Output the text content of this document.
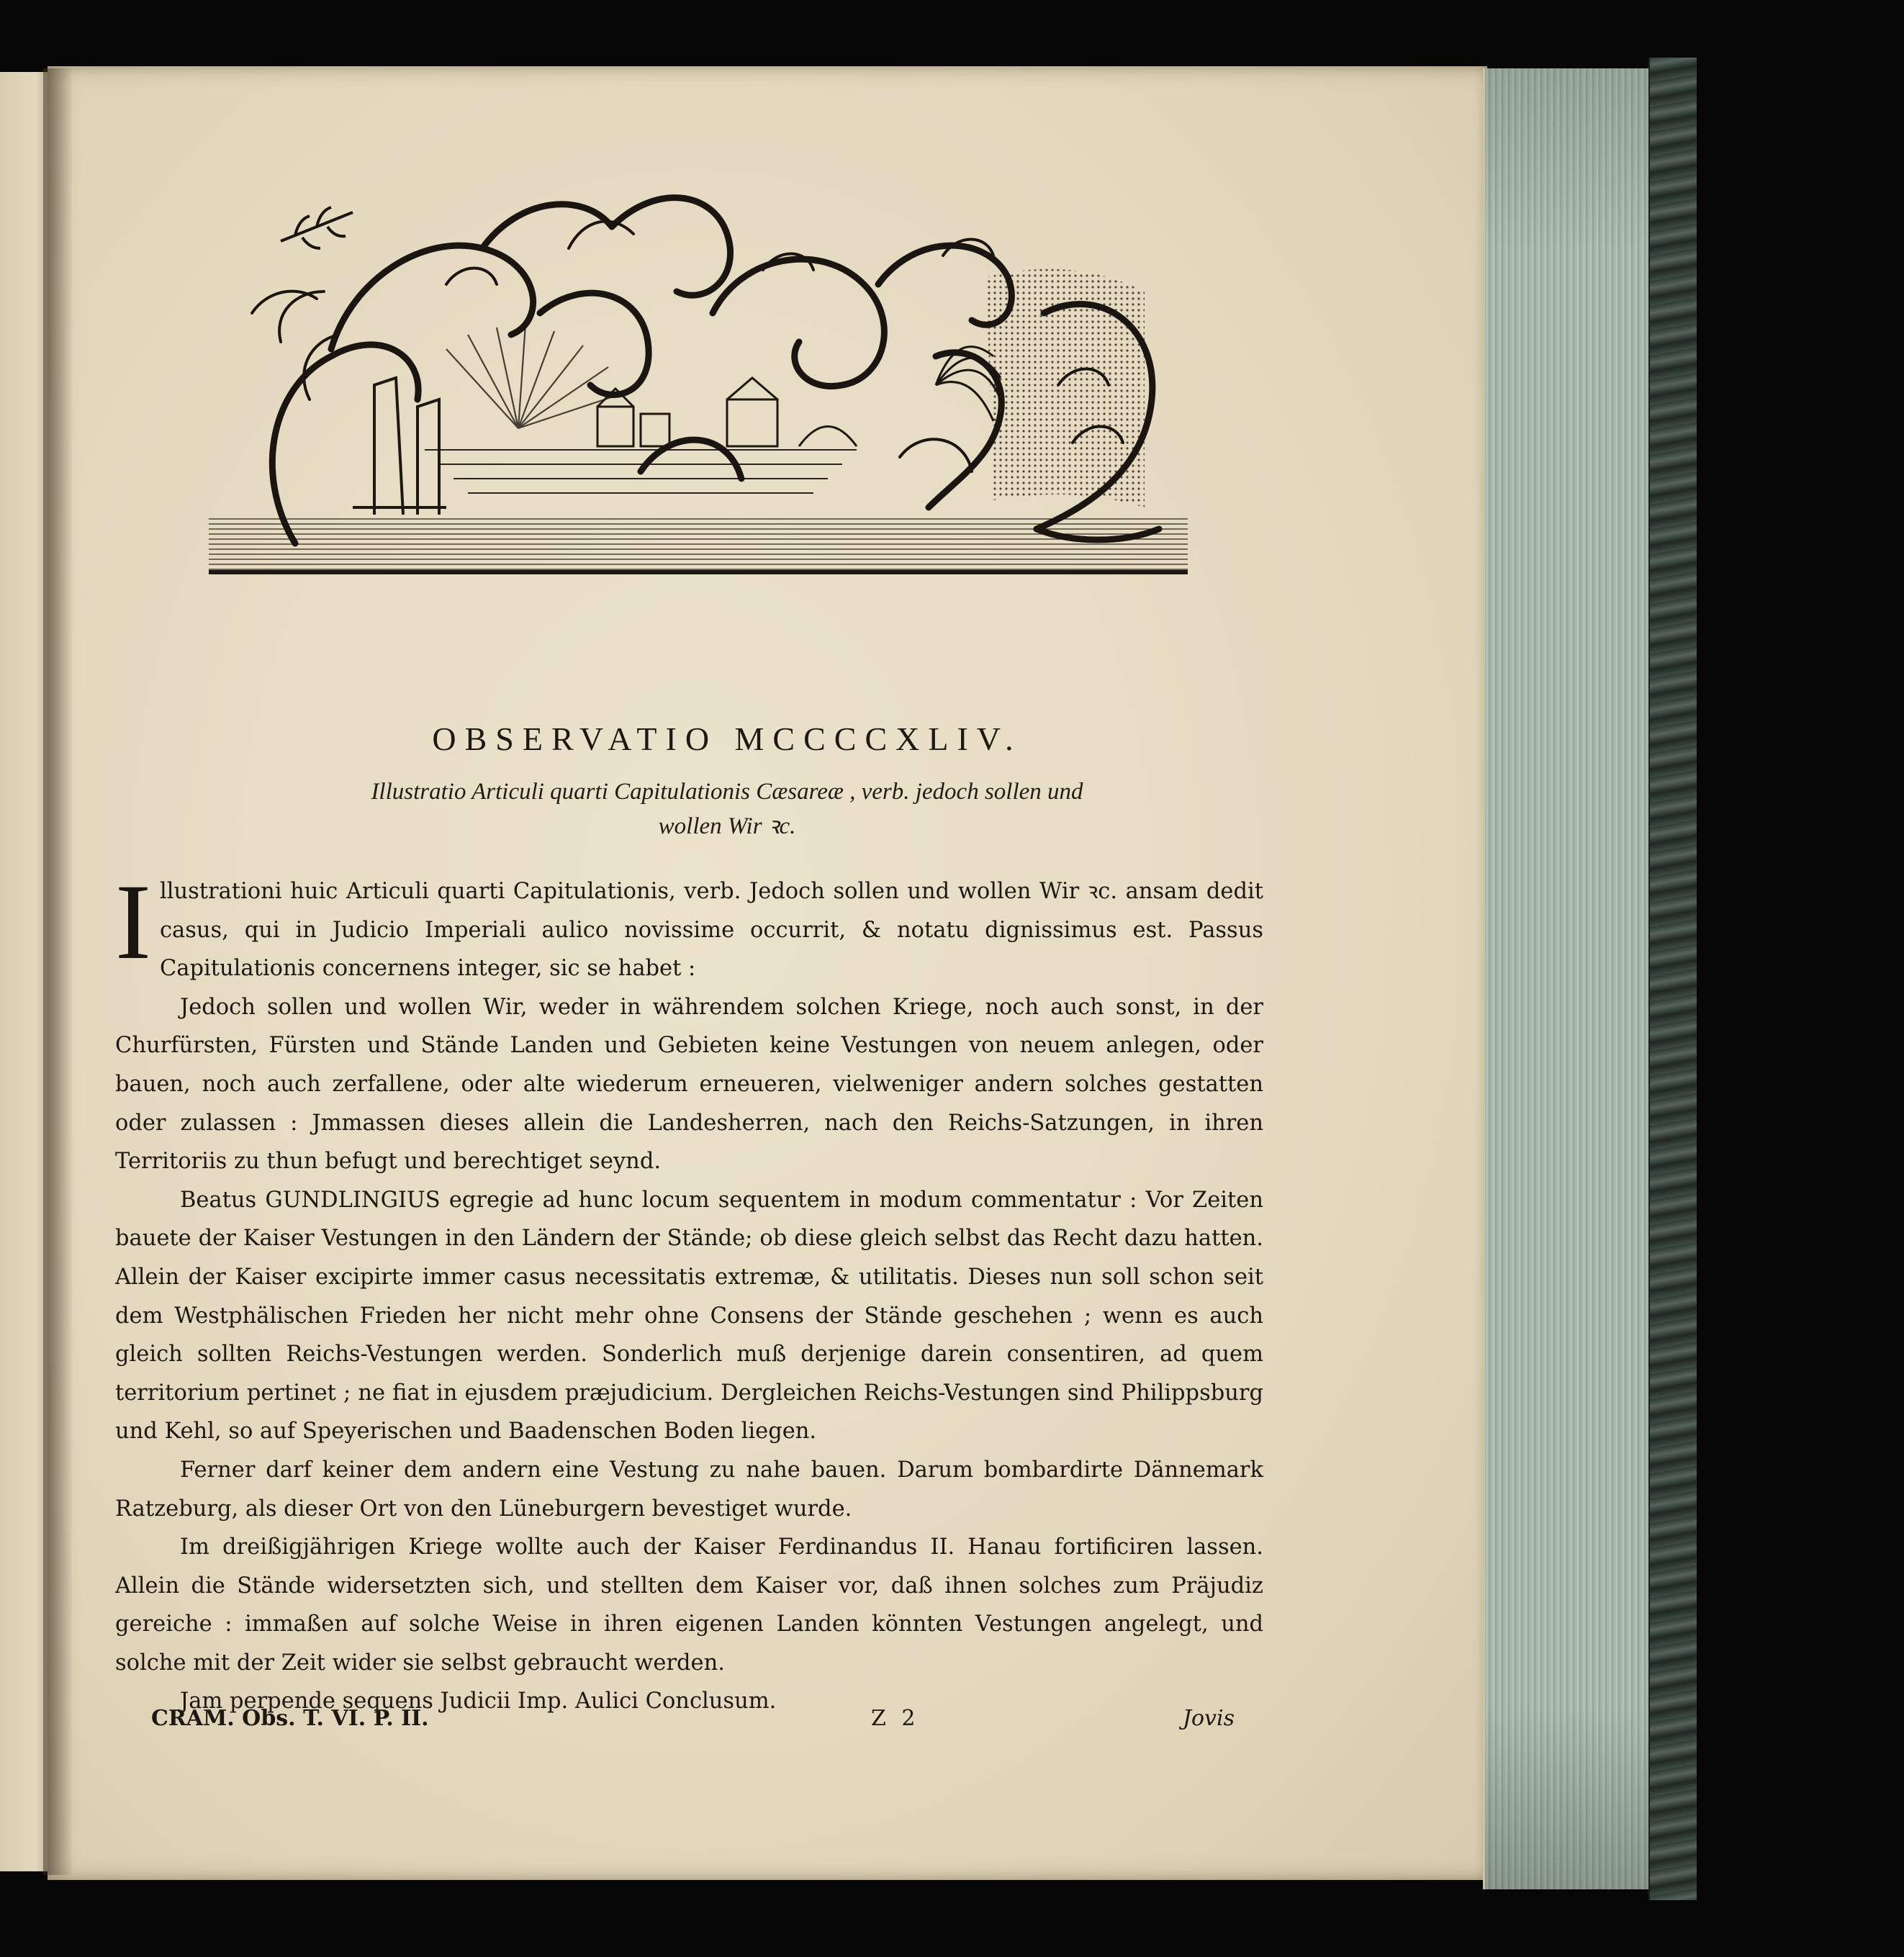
OBSERVATIO MCCCCXLIV.
Illustratio Articuli quarti Capitulationis Cæsareæ , verb. jedoch sollen und
wollen Wir ꝛc.

Illustrationi huic Articuli quarti Capitulationis, verb. Jedoch sollen und wollen Wir ꝛc. ansam dedit casus, qui in Judicio Imperiali aulico novissime occurrit, & notatu dignissimus est. Passus Capitulationis concernens integer, sic se habet :

Jedoch sollen und wollen Wir, weder in währendem solchen Kriege, noch auch sonst, in der Churfürsten, Fürsten und Stände Landen und Gebieten keine Vestungen von neuem anlegen, oder bauen, noch auch zerfallene, oder alte wiederum erneueren, vielweniger andern solches gestatten oder zulassen : Jmmassen dieses allein die Landesherren, nach den Reichs-Satzungen, in ihren Territoriis zu thun befugt und berechtiget seynd.

Beatus GUNDLINGIUS egregie ad hunc locum sequentem in modum commentatur : Vor Zeiten bauete der Kaiser Vestungen in den Ländern der Stände; ob diese gleich selbst das Recht dazu hatten. Allein der Kaiser excipirte immer casus necessitatis extremæ, & utilitatis. Dieses nun soll schon seit dem Westphälischen Frieden her nicht mehr ohne Consens der Stände geschehen ; wenn es auch gleich sollten Reichs-Vestungen werden. Sonderlich muß derjenige darein consentiren, ad quem territorium pertinet ; ne fiat in ejusdem præjudicium. Dergleichen Reichs-Vestungen sind Philippsburg und Kehl, so auf Speyerischen und Baadenschen Boden liegen.

Ferner darf keiner dem andern eine Vestung zu nahe bauen. Darum bombardirte Dännemark Ratzeburg, als dieser Ort von den Lüneburgern bevestiget wurde.

Im dreißigjährigen Kriege wollte auch der Kaiser Ferdinandus II. Hanau fortificiren lassen. Allein die Stände widersetzten sich, und stellten dem Kaiser vor, daß ihnen solches zum Präjudiz gereiche : immaßen auf solche Weise in ihren eigenen Landen könnten Vestungen angelegt, und solche mit der Zeit wider sie selbst gebraucht werden.

Jam perpende sequens Judicii Imp. Aulici Conclusum.

CRAM. Obs. T. VI. P. II.	Z 2	Jovis
